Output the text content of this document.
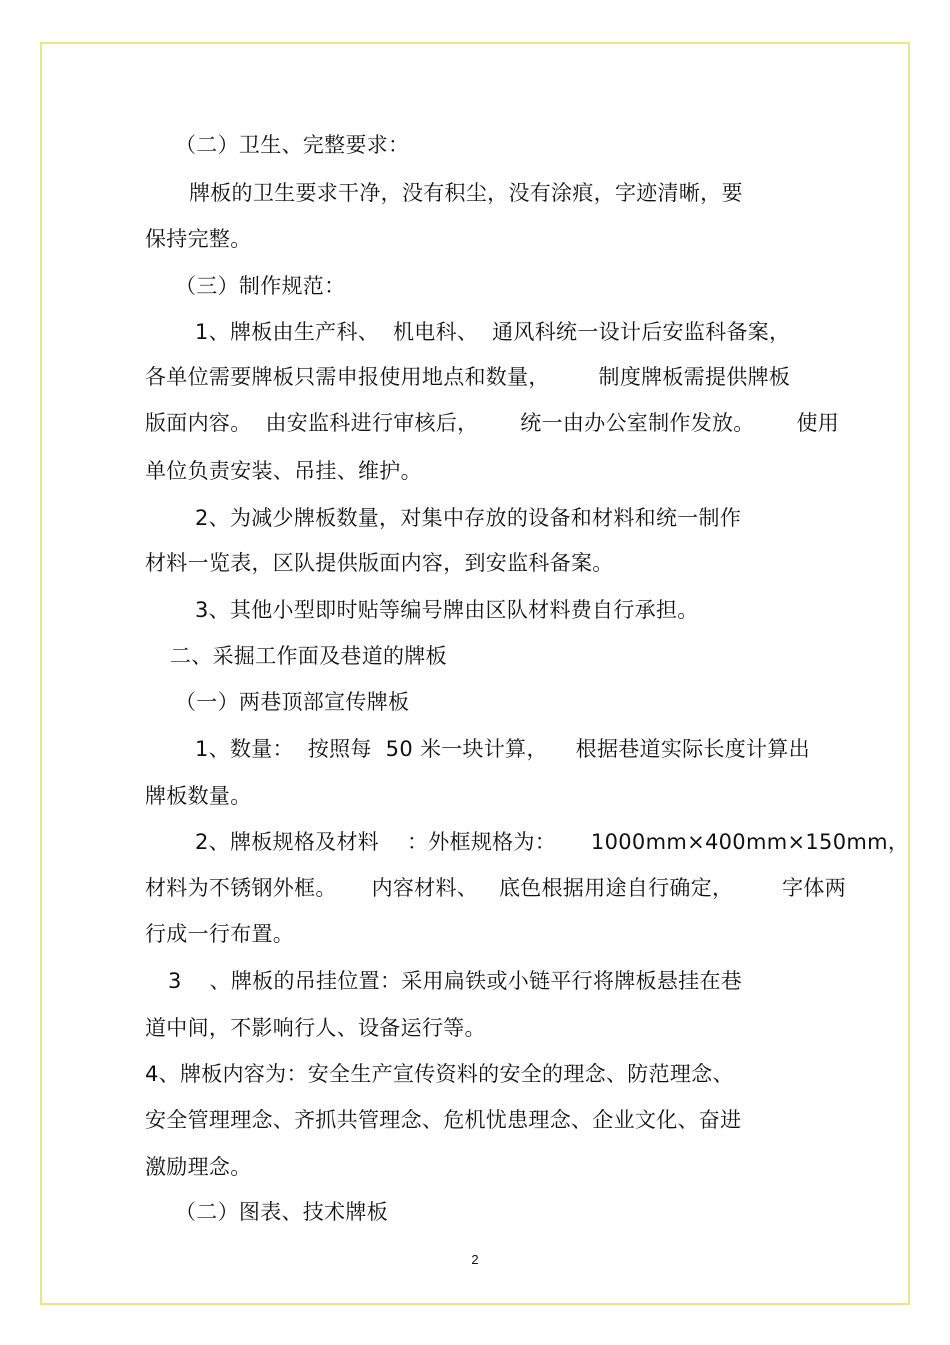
（二）卫生、完整要求：
牌板的卫生要求干净，没有积尘，没有涂痕，字迹清晰，要
保持完整。
（三）制作规范：
1、牌板由生产科、  机电科、  通风科统一设计后安监科备案，
各单位需要牌板只需申报使用地点和数量，       制度牌板需提供牌板
版面内容。  由安监科进行审核后，      统一由办公室制作发放。      使用
单位负责安装、吊挂、维护。
2、为减少牌板数量，对集中存放的设备和材料和统一制作
材料一览表，区队提供版面内容，到安监科备案。
3、其他小型即时贴等编号牌由区队材料费自行承担。
二、采掘工作面及巷道的牌板
（一）两巷顶部宣传牌板
1、数量：  按照每  50 米一块计算，    根据巷道实际长度计算出
牌板数量。
2、牌板规格及材料    ：外框规格为：     1000mm×400mm×150mm，
材料为不锈钢外框。     内容材料、   底色根据用途自行确定，       字体两
行成一行布置。
3    、牌板的吊挂位置：采用扁铁或小链平行将牌板悬挂在巷
道中间，不影响行人、设备运行等。
4、牌板内容为：安全生产宣传资料的安全的理念、防范理念、
安全管理理念、齐抓共管理念、危机忧患理念、企业文化、奋进
激励理念。
（二）图表、技术牌板
2
